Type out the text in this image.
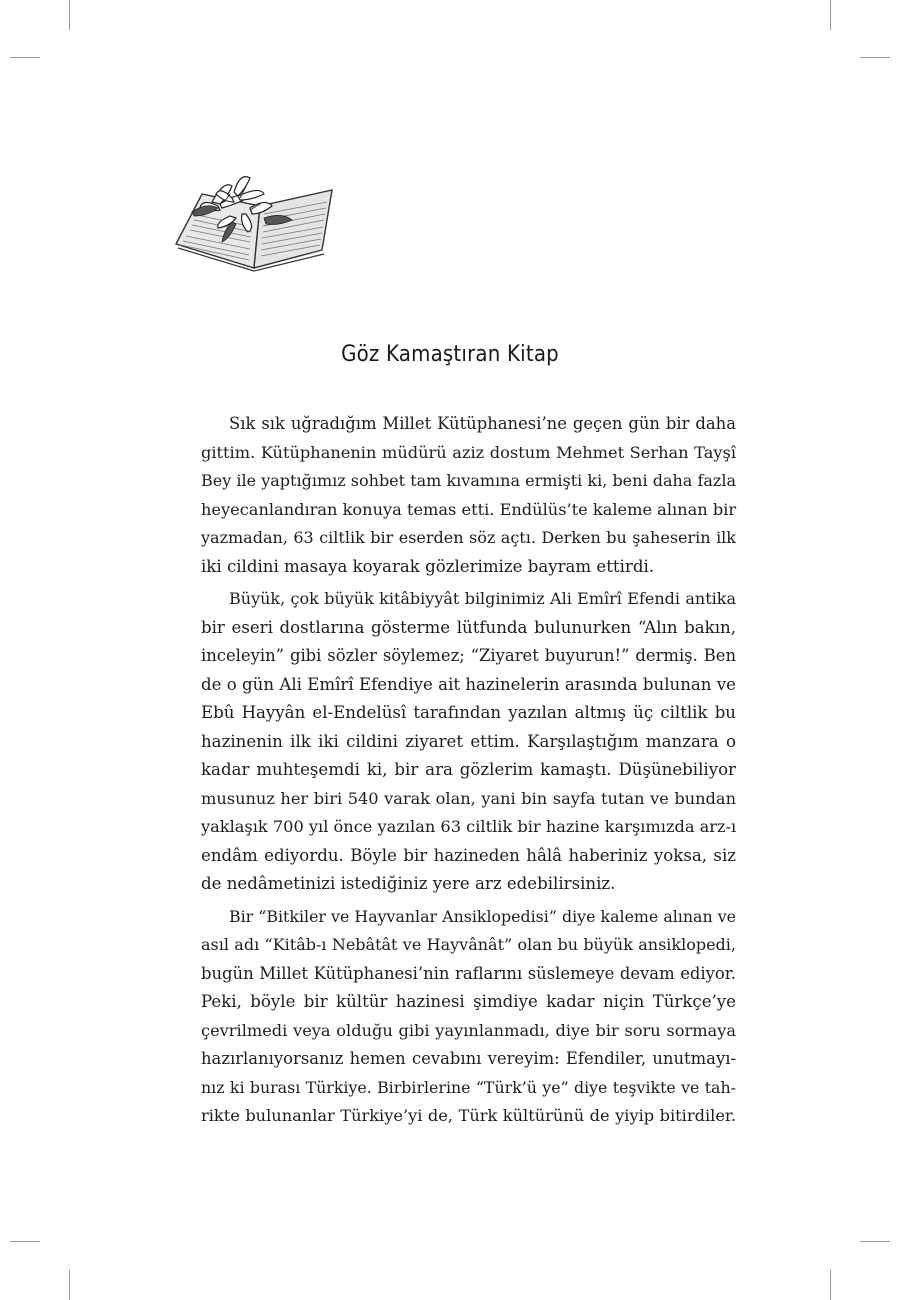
Göz Kamaştıran Kitap

Sık sık uğradığım Millet Kütüphanesi’ne geçen gün bir daha
gittim. Kütüphanenin müdürü aziz dostum Mehmet Serhan Tayşî
Bey ile yaptığımız sohbet tam kıvamına ermişti ki, beni daha fazla
heyecanlandıran konuya temas etti. Endülüs’te kaleme alınan bir
yazmadan, 63 ciltlik bir eserden söz açtı. Derken bu şaheserin ilk
iki cildini masaya koyarak gözlerimize bayram ettirdi.

Büyük, çok büyük kitâbiyyât bilginimiz Ali Emîrî Efendi antika
bir eseri dostlarına gösterme lütfunda bulunurken “Alın bakın,
inceleyin” gibi sözler söylemez; “Ziyaret buyurun!” dermiş. Ben
de o gün Ali Emîrî Efendiye ait hazinelerin arasında bulunan ve
Ebû Hayyân el-Endelüsî tarafından yazılan altmış üç ciltlik bu
hazinenin ilk iki cildini ziyaret ettim. Karşılaştığım manzara o
kadar muhteşemdi ki, bir ara gözlerim kamaştı. Düşünebiliyor
musunuz her biri 540 varak olan, yani bin sayfa tutan ve bundan
yaklaşık 700 yıl önce yazılan 63 ciltlik bir hazine karşımızda arz-ı
endâm ediyordu. Böyle bir hazineden hâlâ haberiniz yoksa, siz
de nedâmetinizi istediğiniz yere arz edebilirsiniz.

Bir “Bitkiler ve Hayvanlar Ansiklopedisi” diye kaleme alınan ve
asıl adı “Kitâb-ı Nebâtât ve Hayvânât” olan bu büyük ansiklopedi,
bugün Millet Kütüphanesi’nin raflarını süslemeye devam ediyor.
Peki, böyle bir kültür hazinesi şimdiye kadar niçin Türkçe’ye
çevrilmedi veya olduğu gibi yayınlanmadı, diye bir soru sormaya
hazırlanıyorsanız hemen cevabını vereyim: Efendiler, unutmayı-
nız ki burası Türkiye. Birbirlerine “Türk’ü ye” diye teşvikte ve tah-
rikte bulunanlar Türkiye’yi de, Türk kültürünü de yiyip bitirdiler.
